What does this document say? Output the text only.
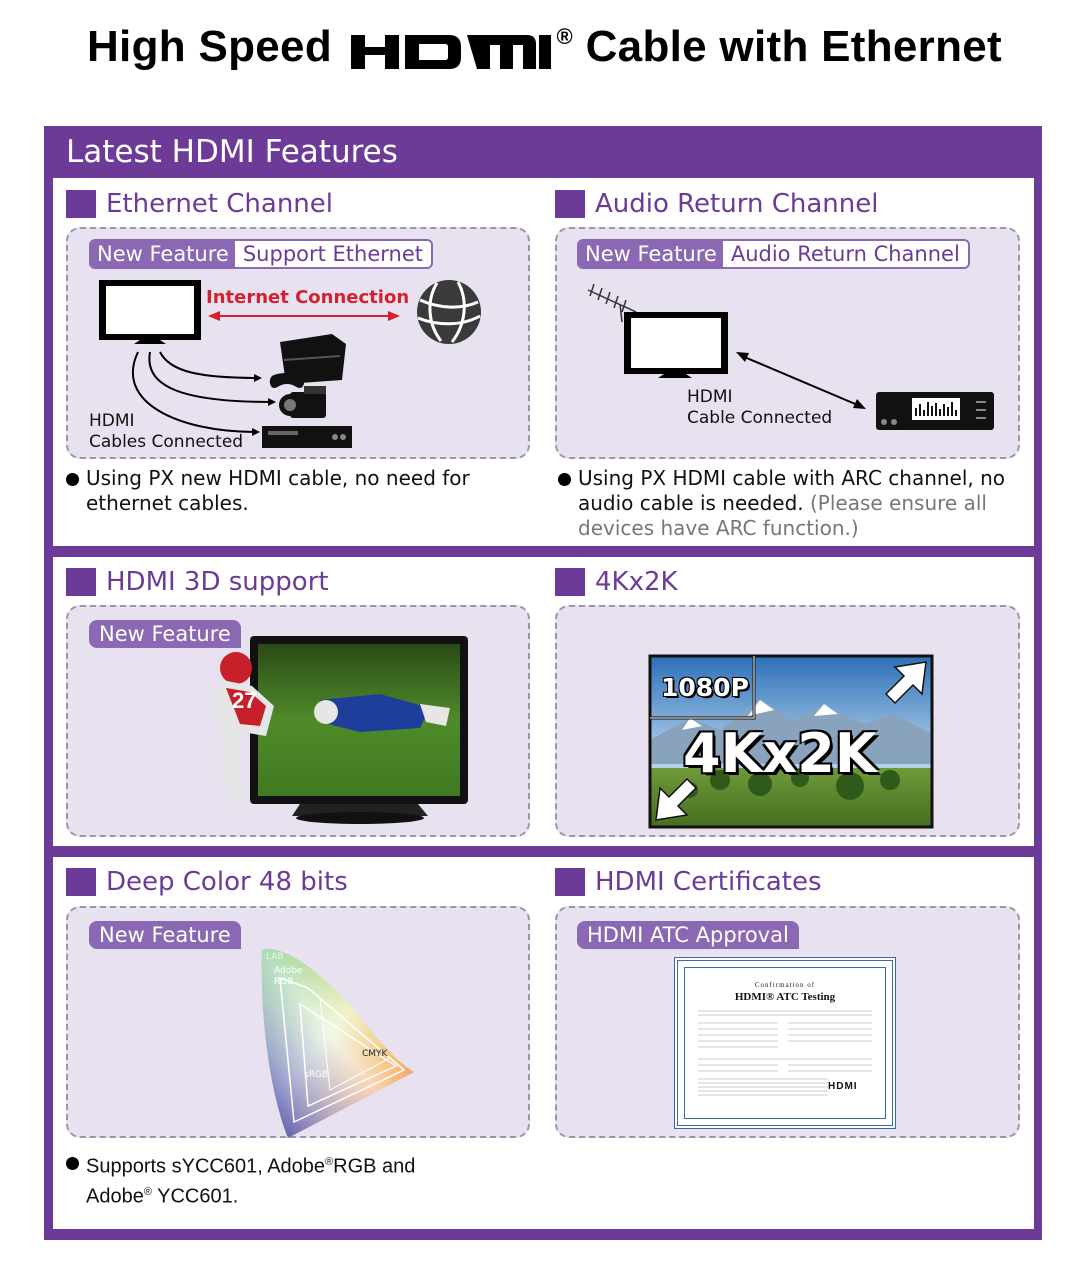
High Speed	® Cable with Ethernet
Latest HDMI Features
Ethernet Channel
New Feature Support Ethernet
Internet Connection
HDMI
Cables Connected
Using PX new HDMI cable, no need for ethernet cables.
Audio Return Channel
New Feature Audio Return Channel
HDMI
Cable Connected
Using PX HDMI cable with ARC channel, no audio cable is needed. (Please ensure all devices have ARC function.)
HDMI 3D support
New Feature
27
4Kx2K
1080P
4Kx2K
Deep Color 48 bits
New Feature
LAB
Adobe RGB
sRGB
CMYK
Supports sYCC601, Adobe®RGB and
Adobe® YCC601.
HDMI Certificates
HDMI ATC Approval
Confirmation of
HDMI® ATC Testing
HDMI
